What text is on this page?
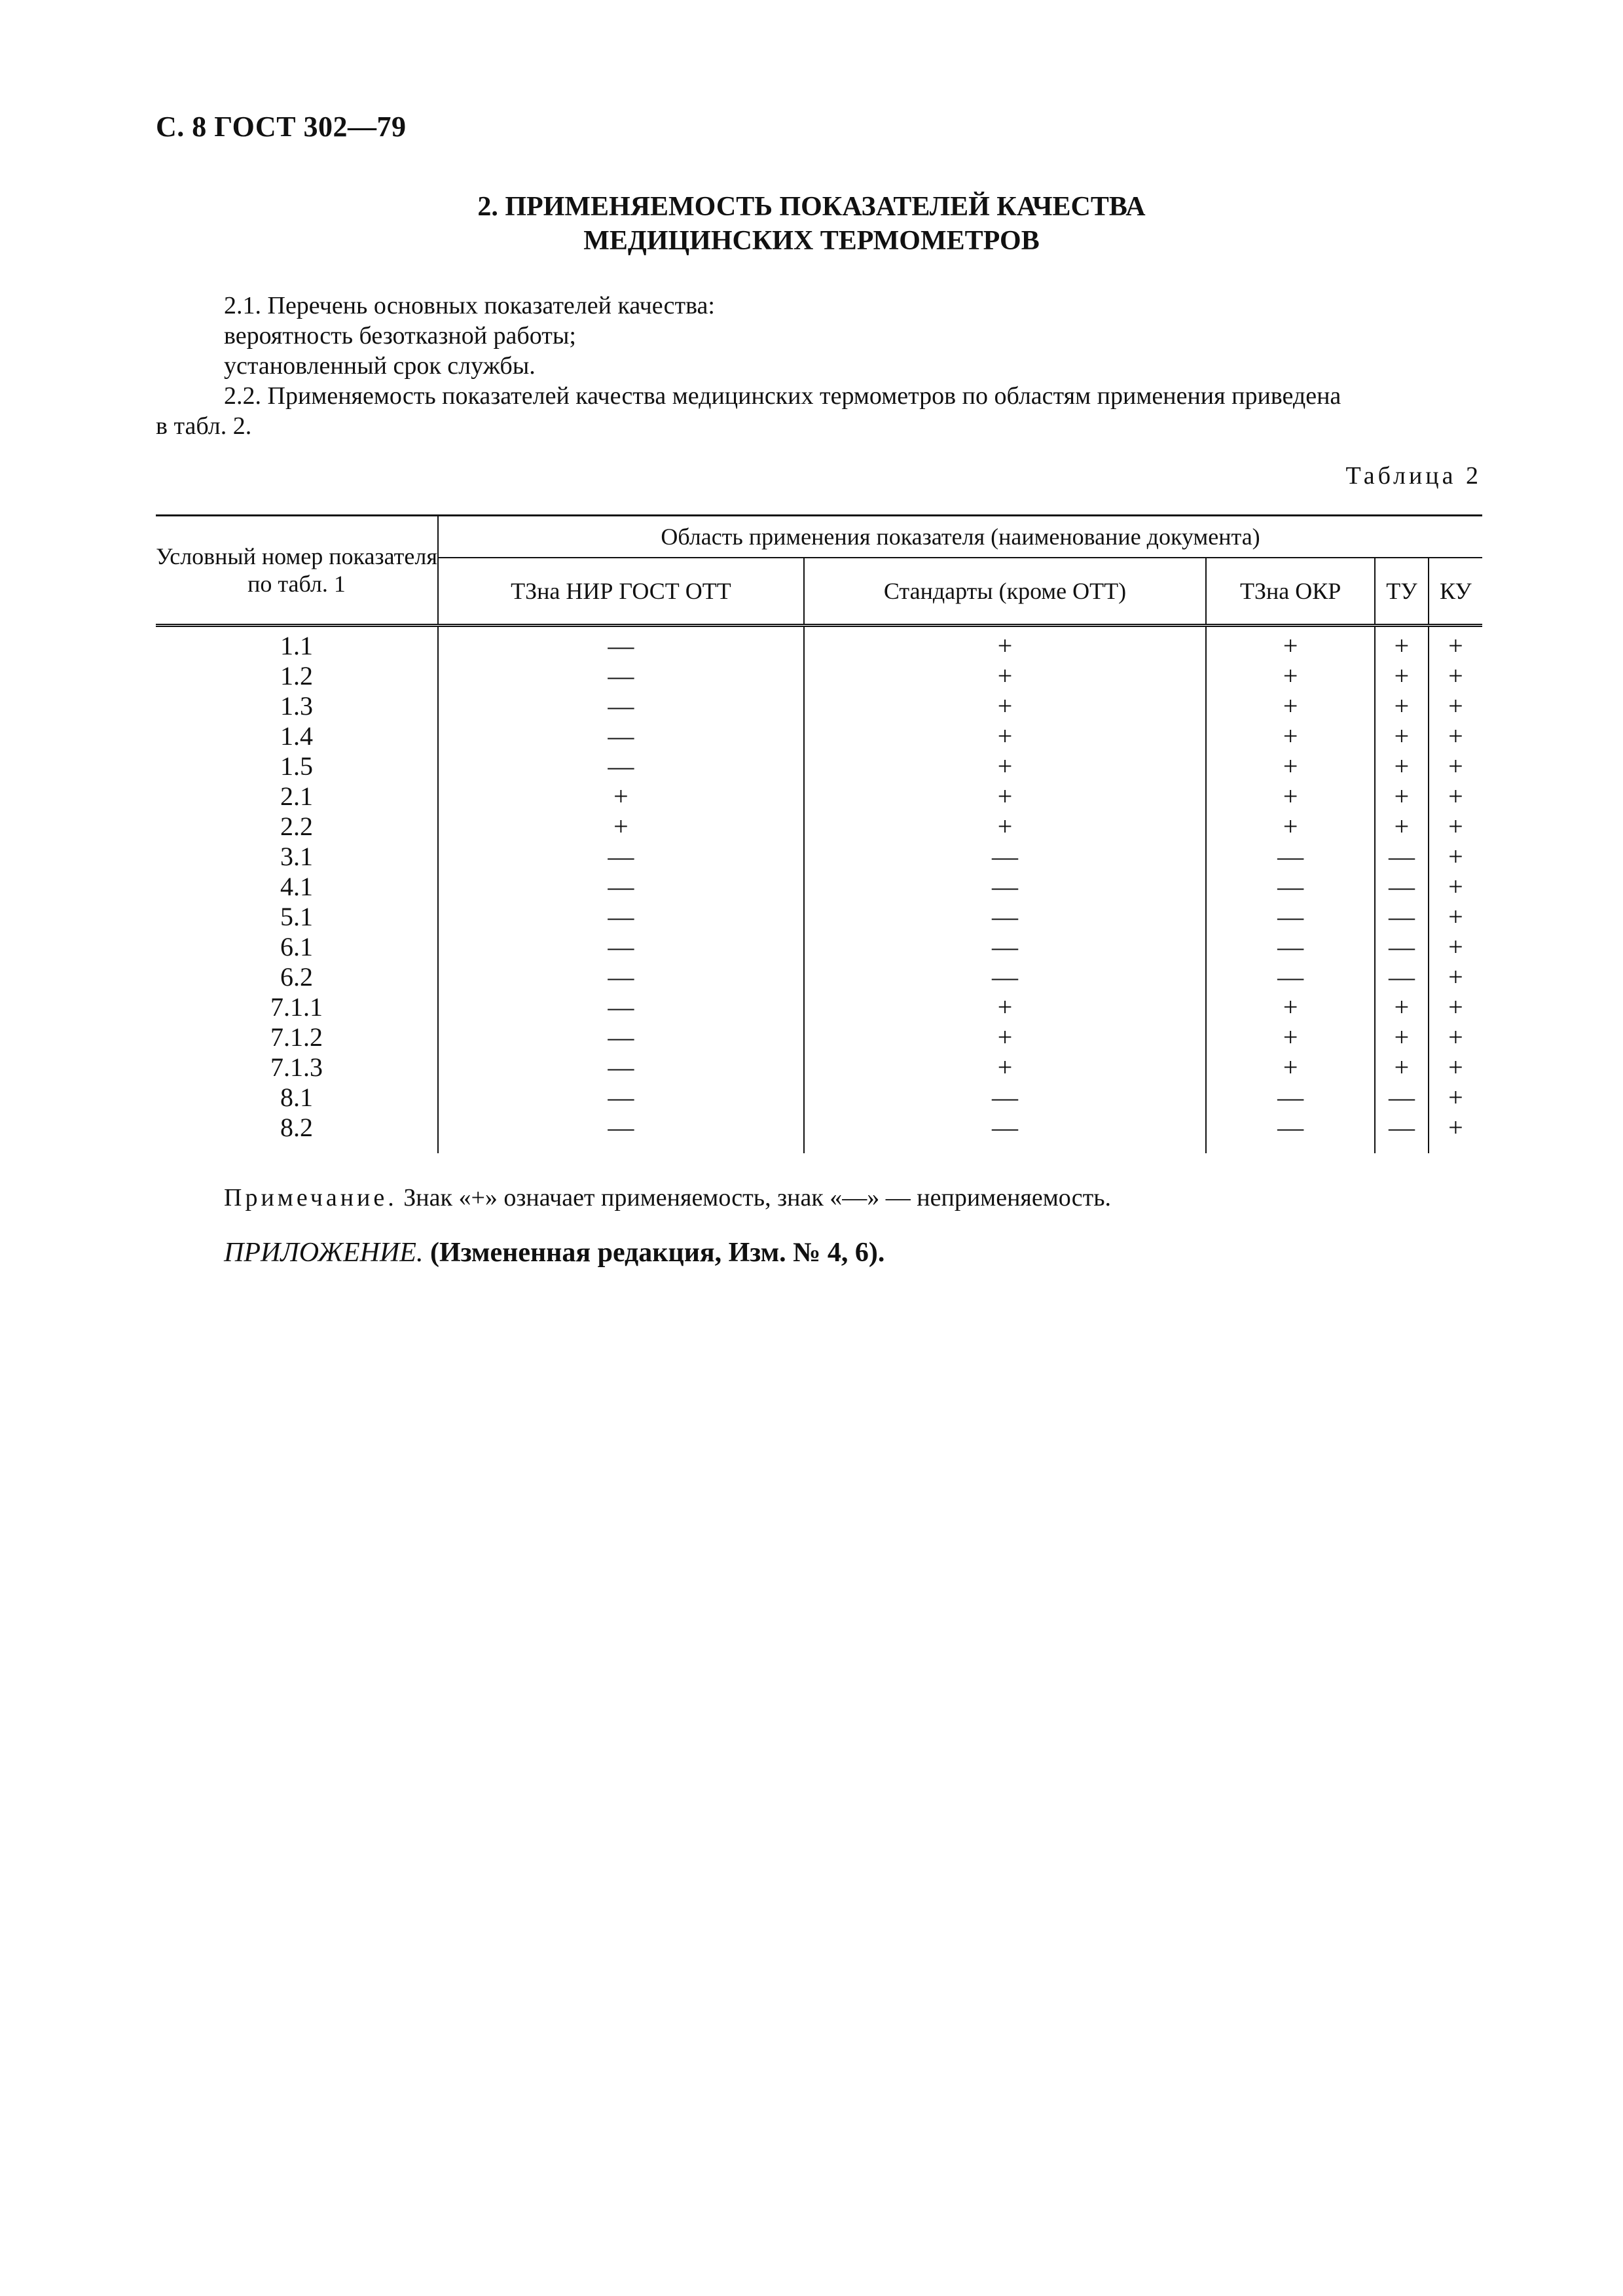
С. 8 ГОСТ 302—79
2. ПРИМЕНЯЕМОСТЬ ПОКАЗАТЕЛЕЙ КАЧЕСТВА
МЕДИЦИНСКИХ ТЕРМОМЕТРОВ
2.1. Перечень основных показателей качества:
вероятность безотказной работы;
установленный срок службы.
2.2. Применяемость показателей качества медицинских термометров по областям применения приведена
в табл. 2.
Таблица 2
Условный номер показателя по табл. 1	Область применения показателя (наименование документа)				
	ТЗна НИР ГОСТ ОТТ	Стандарты (кроме ОТТ)	ТЗна ОКР	ТУ	КУ
1.1	—	+	+	+	+
1.2	—	+	+	+	+
1.3	—	+	+	+	+
1.4	—	+	+	+	+
1.5	—	+	+	+	+
2.1	+	+	+	+	+
2.2	+	+	+	+	+
3.1	—	—	—	—	+
4.1	—	—	—	—	+
5.1	—	—	—	—	+
6.1	—	—	—	—	+
6.2	—	—	—	—	+
7.1.1	—	+	+	+	+
7.1.2	—	+	+	+	+
7.1.3	—	+	+	+	+
8.1	—	—	—	—	+
8.2	—	—	—	—	+
Примечание. Знак «+» означает применяемость, знак «—» — неприменяемость.
ПРИЛОЖЕНИЕ. (Измененная редакция, Изм. № 4, 6).
